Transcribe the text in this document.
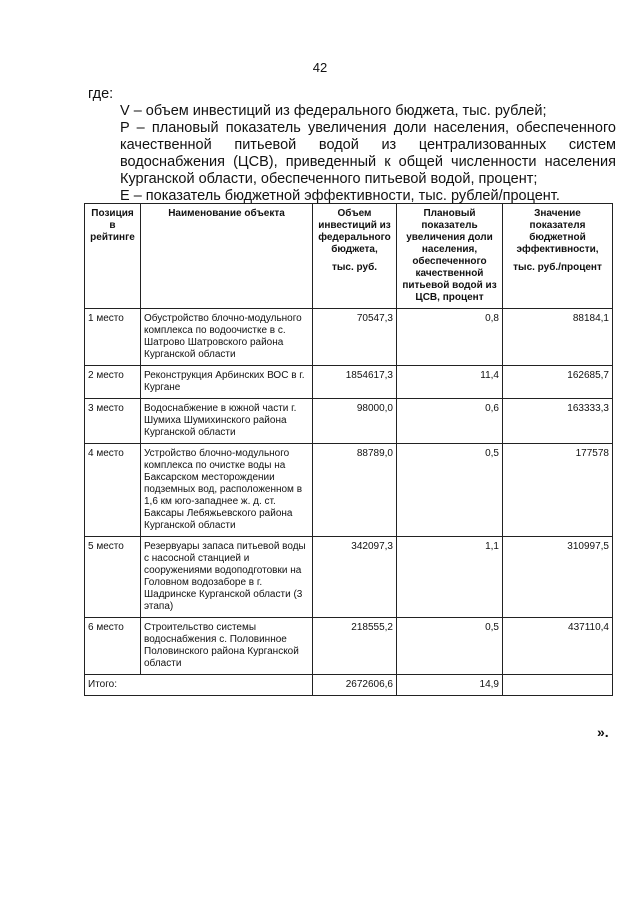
42

где:

V – объем инвестиций из федерального бюджета, тыс. рублей;

P – плановый показатель увеличения доли населения, обеспеченного качественной питьевой водой из централизованных систем водоснабжения (ЦСВ), приведенный к общей численности населения Курганской области, обеспеченного питьевой водой, процент;

E – показатель бюджетной эффективности, тыс. рублей/процент.

Позиция в рейтинге	Наименование объекта	Объем инвестиций из федерального бюджета,
тыс. руб.	Плановый показатель увеличения доли населения, обеспеченного качественной питьевой водой из ЦСВ, процент	Значение показателя бюджетной эффективности,
тыс. руб./процент

1 место	Обустройство блочно-модульного комплекса по водоочистке в с. Шатрово Шатровского района Курганской области	70547,3	0,8	88184,1
2 место	Реконструкция Арбинских ВОС в г. Кургане	1854617,3	11,4	162685,7
3 место	Водоснабжение в южной части г. Шумиха Шумихинского района Курганской области	98000,0	0,6	163333,3
4 место	Устройство блочно-модульного комплекса по очистке воды на Баксарском месторождении подземных вод, расположенном в 1,6 км юго-западнее ж. д. ст. Баксары Лебяжьевского района Курганской области	88789,0	0,5	177578
5 место	Резервуары запаса питьевой воды с насосной станцией и сооружениями водоподготовки на Головном водозаборе в г. Шадринске Курганской области (3 этапа)	342097,3	1,1	310997,5
6 место	Строительство системы водоснабжения с. Половинное Половинского района Курганской области	218555,2	0,5	437110,4
Итого:		2672606,6	14,9	
».
